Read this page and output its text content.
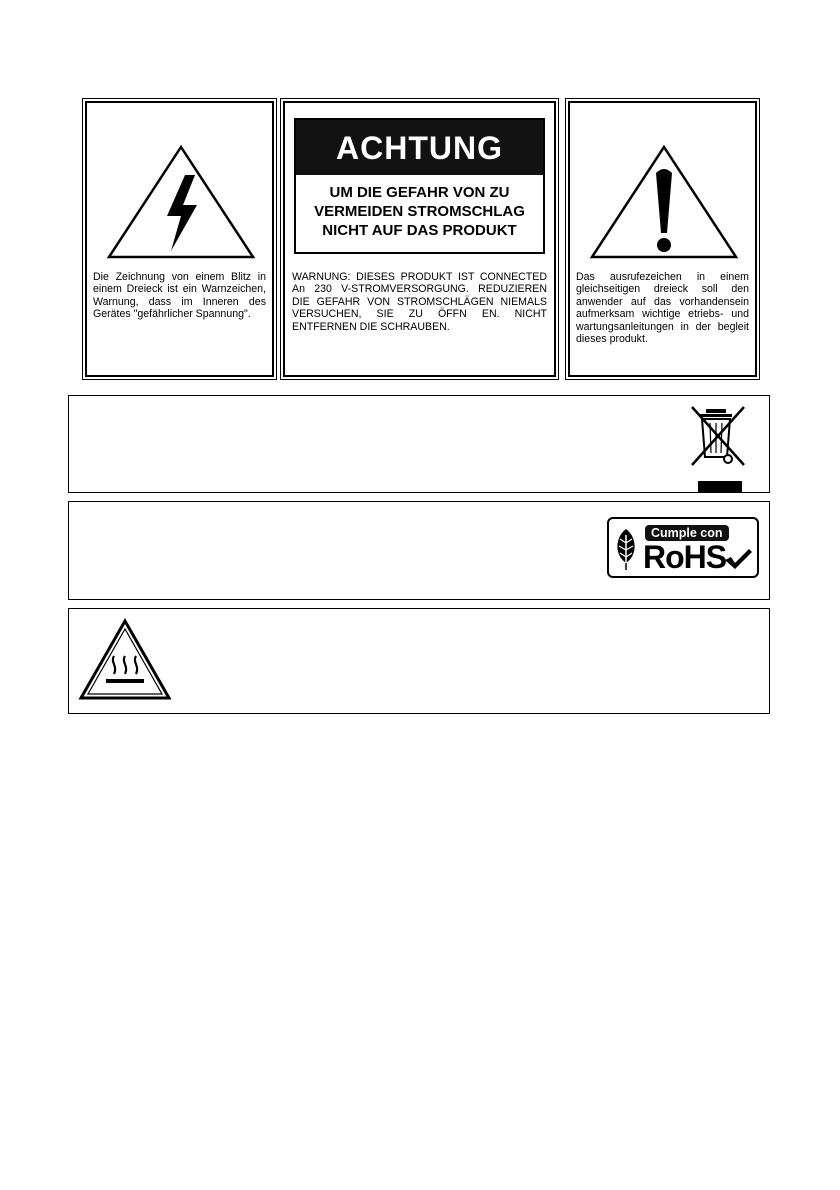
Die Zeichnung von einem Blitz in einem Dreieck ist ein Warnzeichen, Warnung, dass im Inneren des Gerätes "gefährlicher Spannung".
ACHTUNG
UM DIE GEFAHR VON ZU
VERMEIDEN STROMSCHLAG
NICHT AUF DAS PRODUKT
WARNUNG: DIESES PRODUKT IST CONNECTED An 230 V-STROMVERSORGUNG. REDUZIEREN DIE GEFAHR VON STROMSCHLÄGEN NIEMALS VERSUCHEN, SIE ZU ÖFFN EN. NICHT ENTFERNEN DIE SCHRAUBEN.
Das ausrufezeichen in einem gleichseitigen dreieck soll den anwender auf das vorhandensein aufmerksam wichtige etriebs- und wartungsanleitungen in der begleit dieses produkt.
Cumple con
RoHS
